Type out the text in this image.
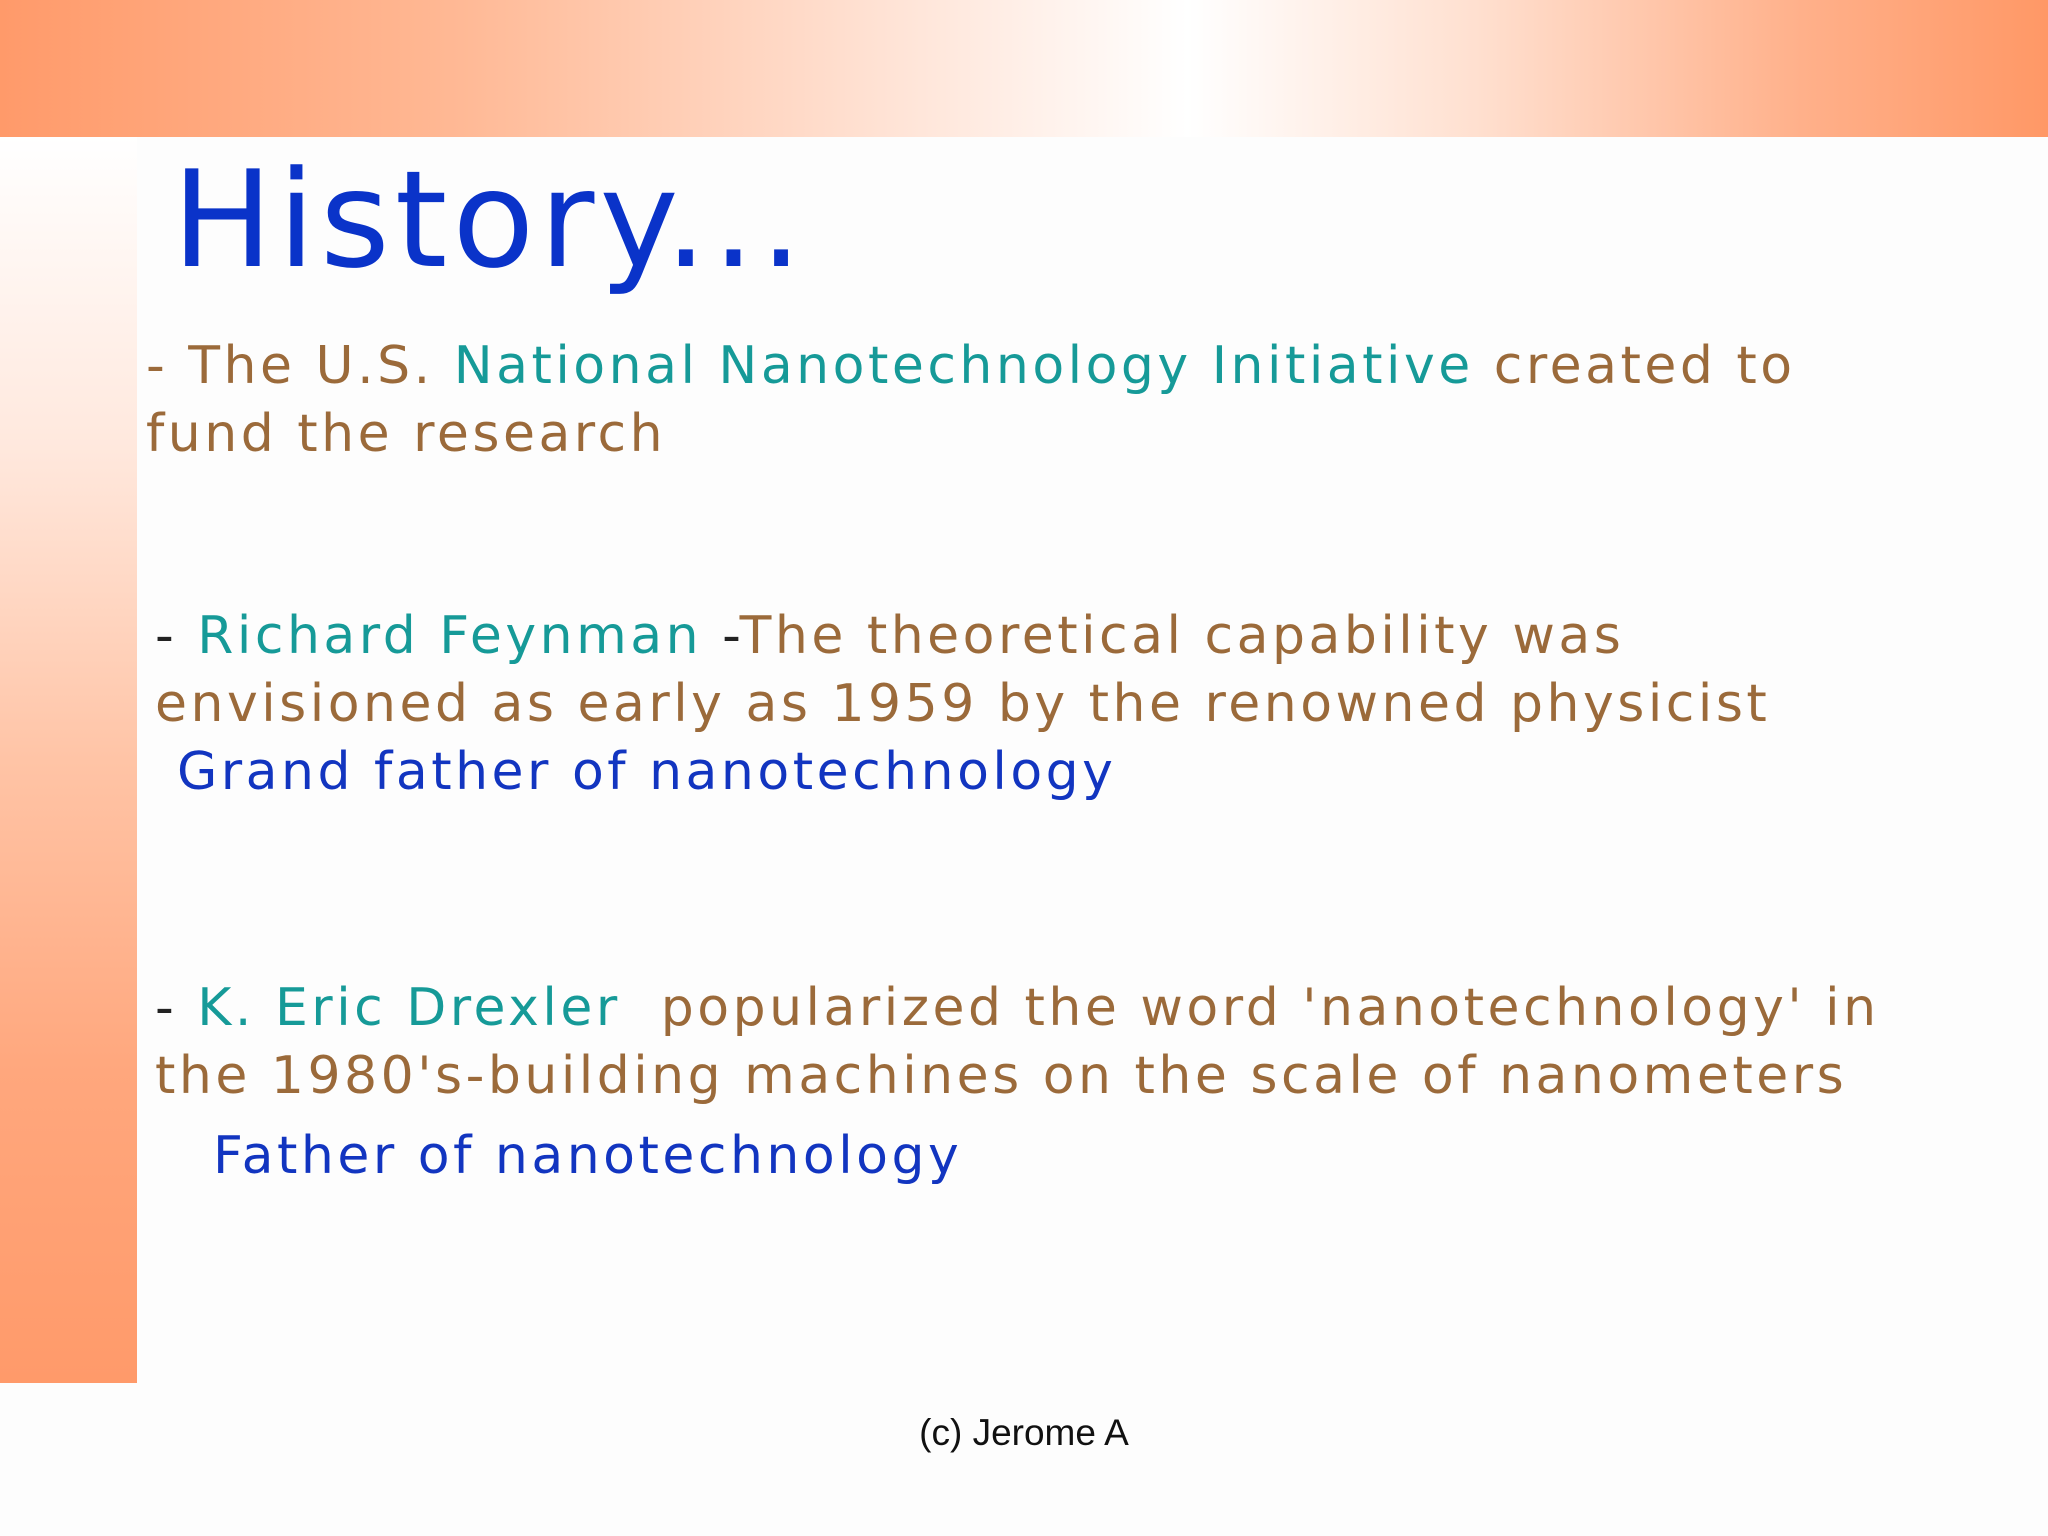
History...

- The U.S. National Nanotechnology Initiative created to
fund the research

- Richard Feynman -The theoretical capability was
envisioned as early as 1959 by the renowned physicist
Grand father of nanotechnology

- K. Eric Drexler  popularized the word 'nanotechnology' in
the 1980's-building machines on the scale of nanometers
Father of nanotechnology

(c) Jerome A
